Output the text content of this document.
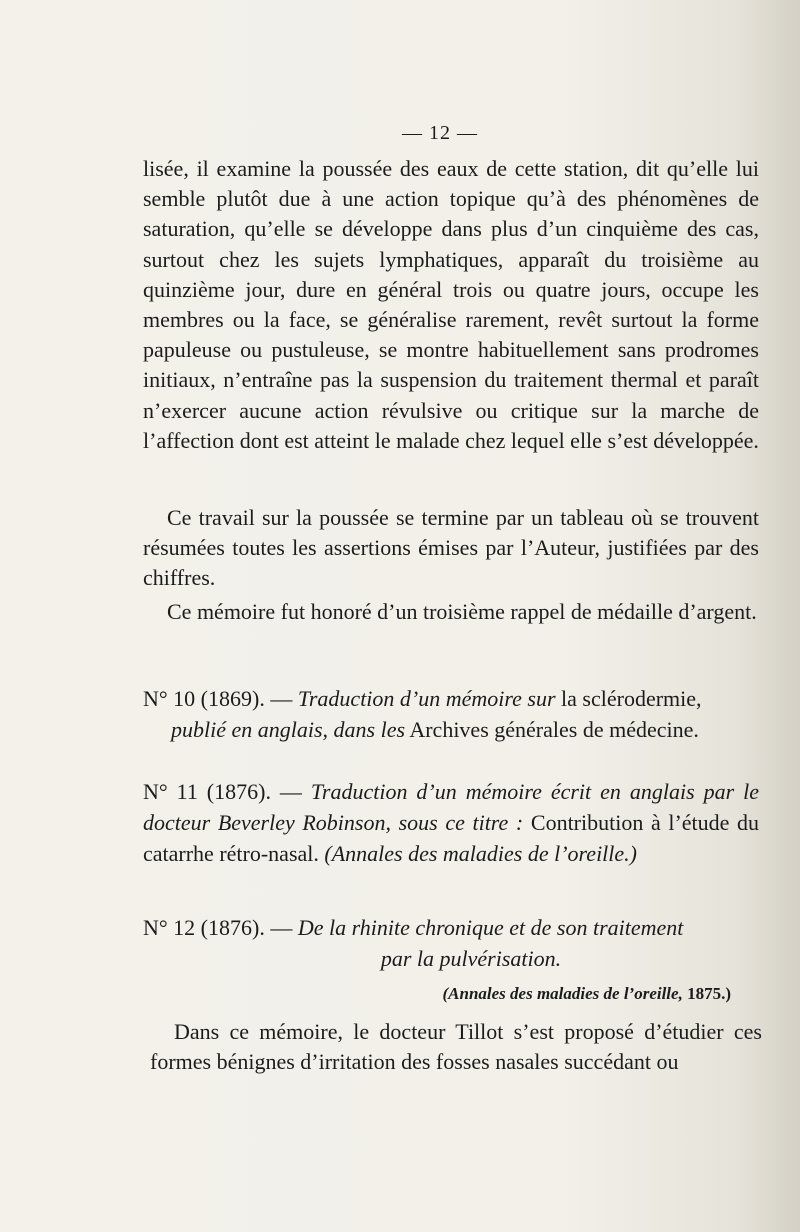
— 12 —

lisée, il examine la poussée des eaux de cette station, dit qu’elle lui semble plutôt due à une action topique qu’à des phénomènes de saturation, qu’elle se développe dans plus d’un cinquième des cas, surtout chez les sujets lymphatiques, apparaît du troisième au quinzième jour, dure en général trois ou quatre jours, occupe les membres ou la face, se généralise rarement, revêt surtout la forme papuleuse ou pustuleuse, se montre habituellement sans prodromes initiaux, n’entraîne pas la suspension du traitement thermal et paraît n’exercer aucune action révulsive ou critique sur la marche de l’affection dont est atteint le malade chez lequel elle s’est développée.

Ce travail sur la poussée se termine par un tableau où se trouvent résumées toutes les assertions émises par l’Auteur, justifiées par des chiffres.

Ce mémoire fut honoré d’un troisième rappel de médaille d’argent.

N° 10 (1869). — Traduction d’un mémoire sur la sclérodermie,
publié en anglais, dans les Archives générales de médecine.

N° 11 (1876). — Traduction d’un mémoire écrit en anglais par le docteur Beverley Robinson, sous ce titre : Contribution à l’étude du catarrhe rétro-nasal. (Annales des maladies de l’oreille.)

N° 12 (1876). — De la rhinite chronique et de son traitement
par la pulvérisation.

(Annales des maladies de l’oreille, 1875.)

Dans ce mémoire, le docteur Tillot s’est proposé d’étudier ces formes bénignes d’irritation des fosses nasales succédant ou
